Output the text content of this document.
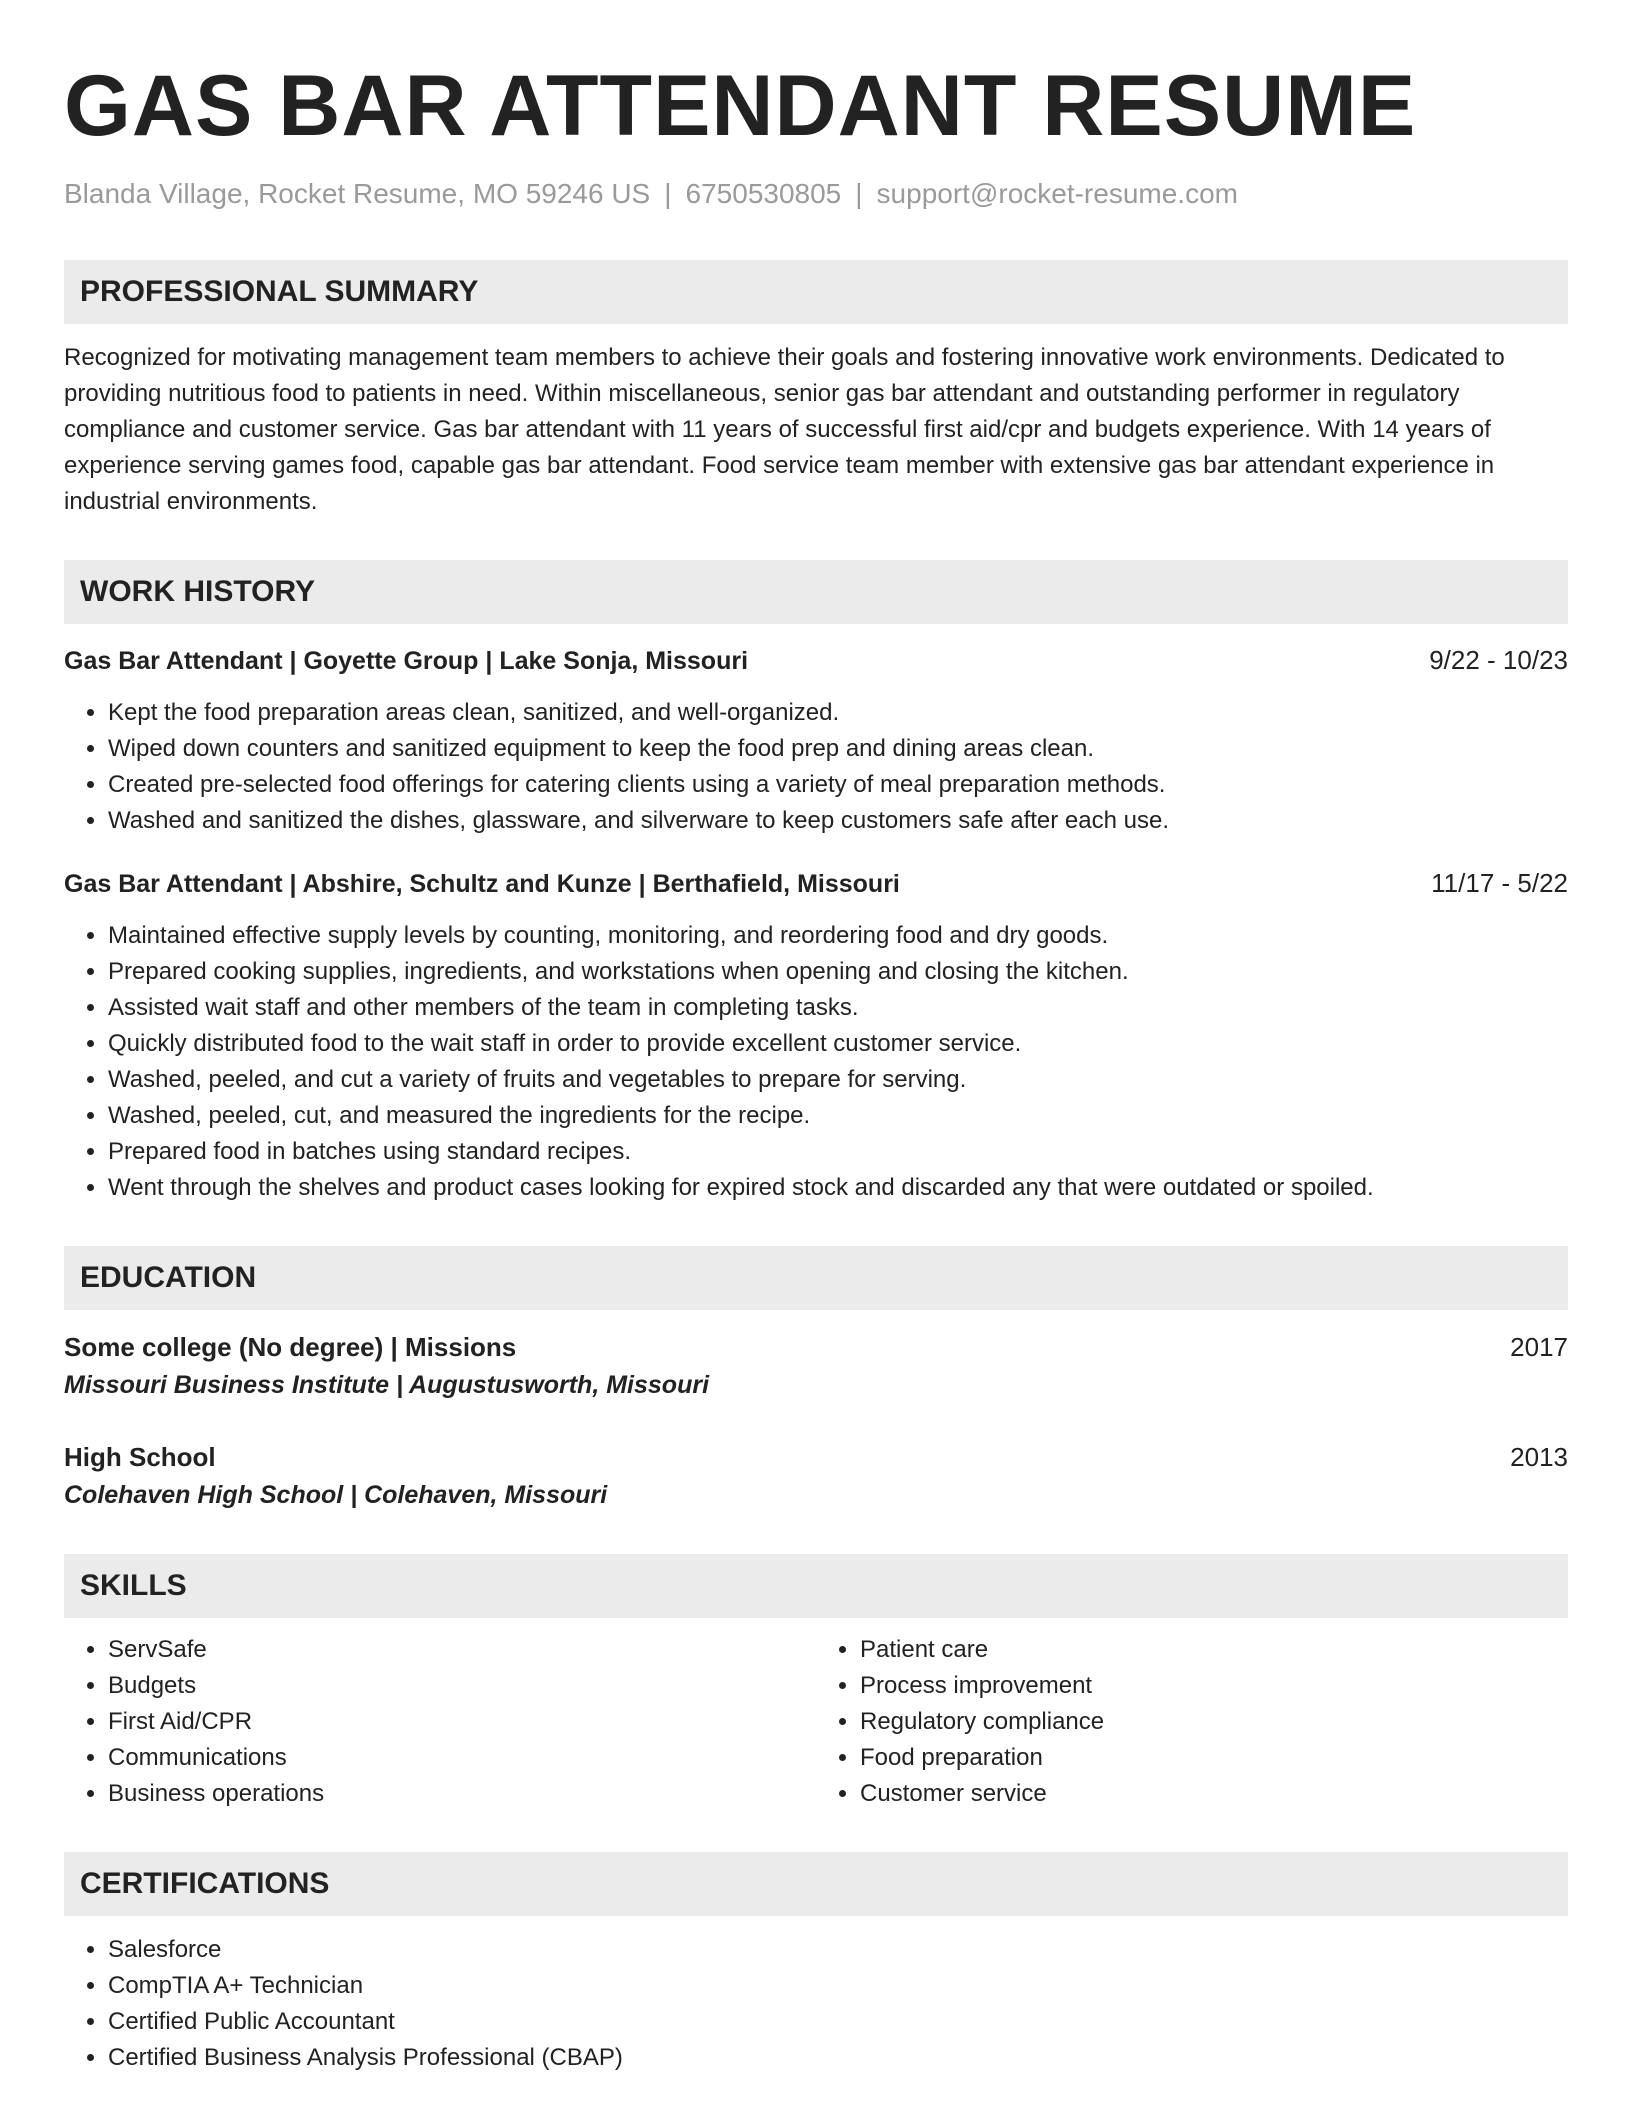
GAS BAR ATTENDANT RESUME
Blanda Village, Rocket Resume, MO 59246 US | 6750530805 | support@rocket-resume.com
PROFESSIONAL SUMMARY
Recognized for motivating management team members to achieve their goals and fostering innovative work environments. Dedicated to providing nutritious food to patients in need. Within miscellaneous, senior gas bar attendant and outstanding performer in regulatory compliance and customer service. Gas bar attendant with 11 years of successful first aid/cpr and budgets experience. With 14 years of experience serving games food, capable gas bar attendant. Food service team member with extensive gas bar attendant experience in industrial environments.
WORK HISTORY
Gas Bar Attendant | Goyette Group | Lake Sonja, Missouri	9/22 - 10/23
• Kept the food preparation areas clean, sanitized, and well-organized.
• Wiped down counters and sanitized equipment to keep the food prep and dining areas clean.
• Created pre-selected food offerings for catering clients using a variety of meal preparation methods.
• Washed and sanitized the dishes, glassware, and silverware to keep customers safe after each use.
Gas Bar Attendant | Abshire, Schultz and Kunze | Berthafield, Missouri	11/17 - 5/22
• Maintained effective supply levels by counting, monitoring, and reordering food and dry goods.
• Prepared cooking supplies, ingredients, and workstations when opening and closing the kitchen.
• Assisted wait staff and other members of the team in completing tasks.
• Quickly distributed food to the wait staff in order to provide excellent customer service.
• Washed, peeled, and cut a variety of fruits and vegetables to prepare for serving.
• Washed, peeled, cut, and measured the ingredients for the recipe.
• Prepared food in batches using standard recipes.
• Went through the shelves and product cases looking for expired stock and discarded any that were outdated or spoiled.
EDUCATION
Some college (No degree) | Missions	2017
Missouri Business Institute | Augustusworth, Missouri
High School	2013
Colehaven High School | Colehaven, Missouri
SKILLS
• ServSafe
• Budgets
• First Aid/CPR
• Communications
• Business operations
• Patient care
• Process improvement
• Regulatory compliance
• Food preparation
• Customer service
CERTIFICATIONS
• Salesforce
• CompTIA A+ Technician
• Certified Public Accountant
• Certified Business Analysis Professional (CBAP)
